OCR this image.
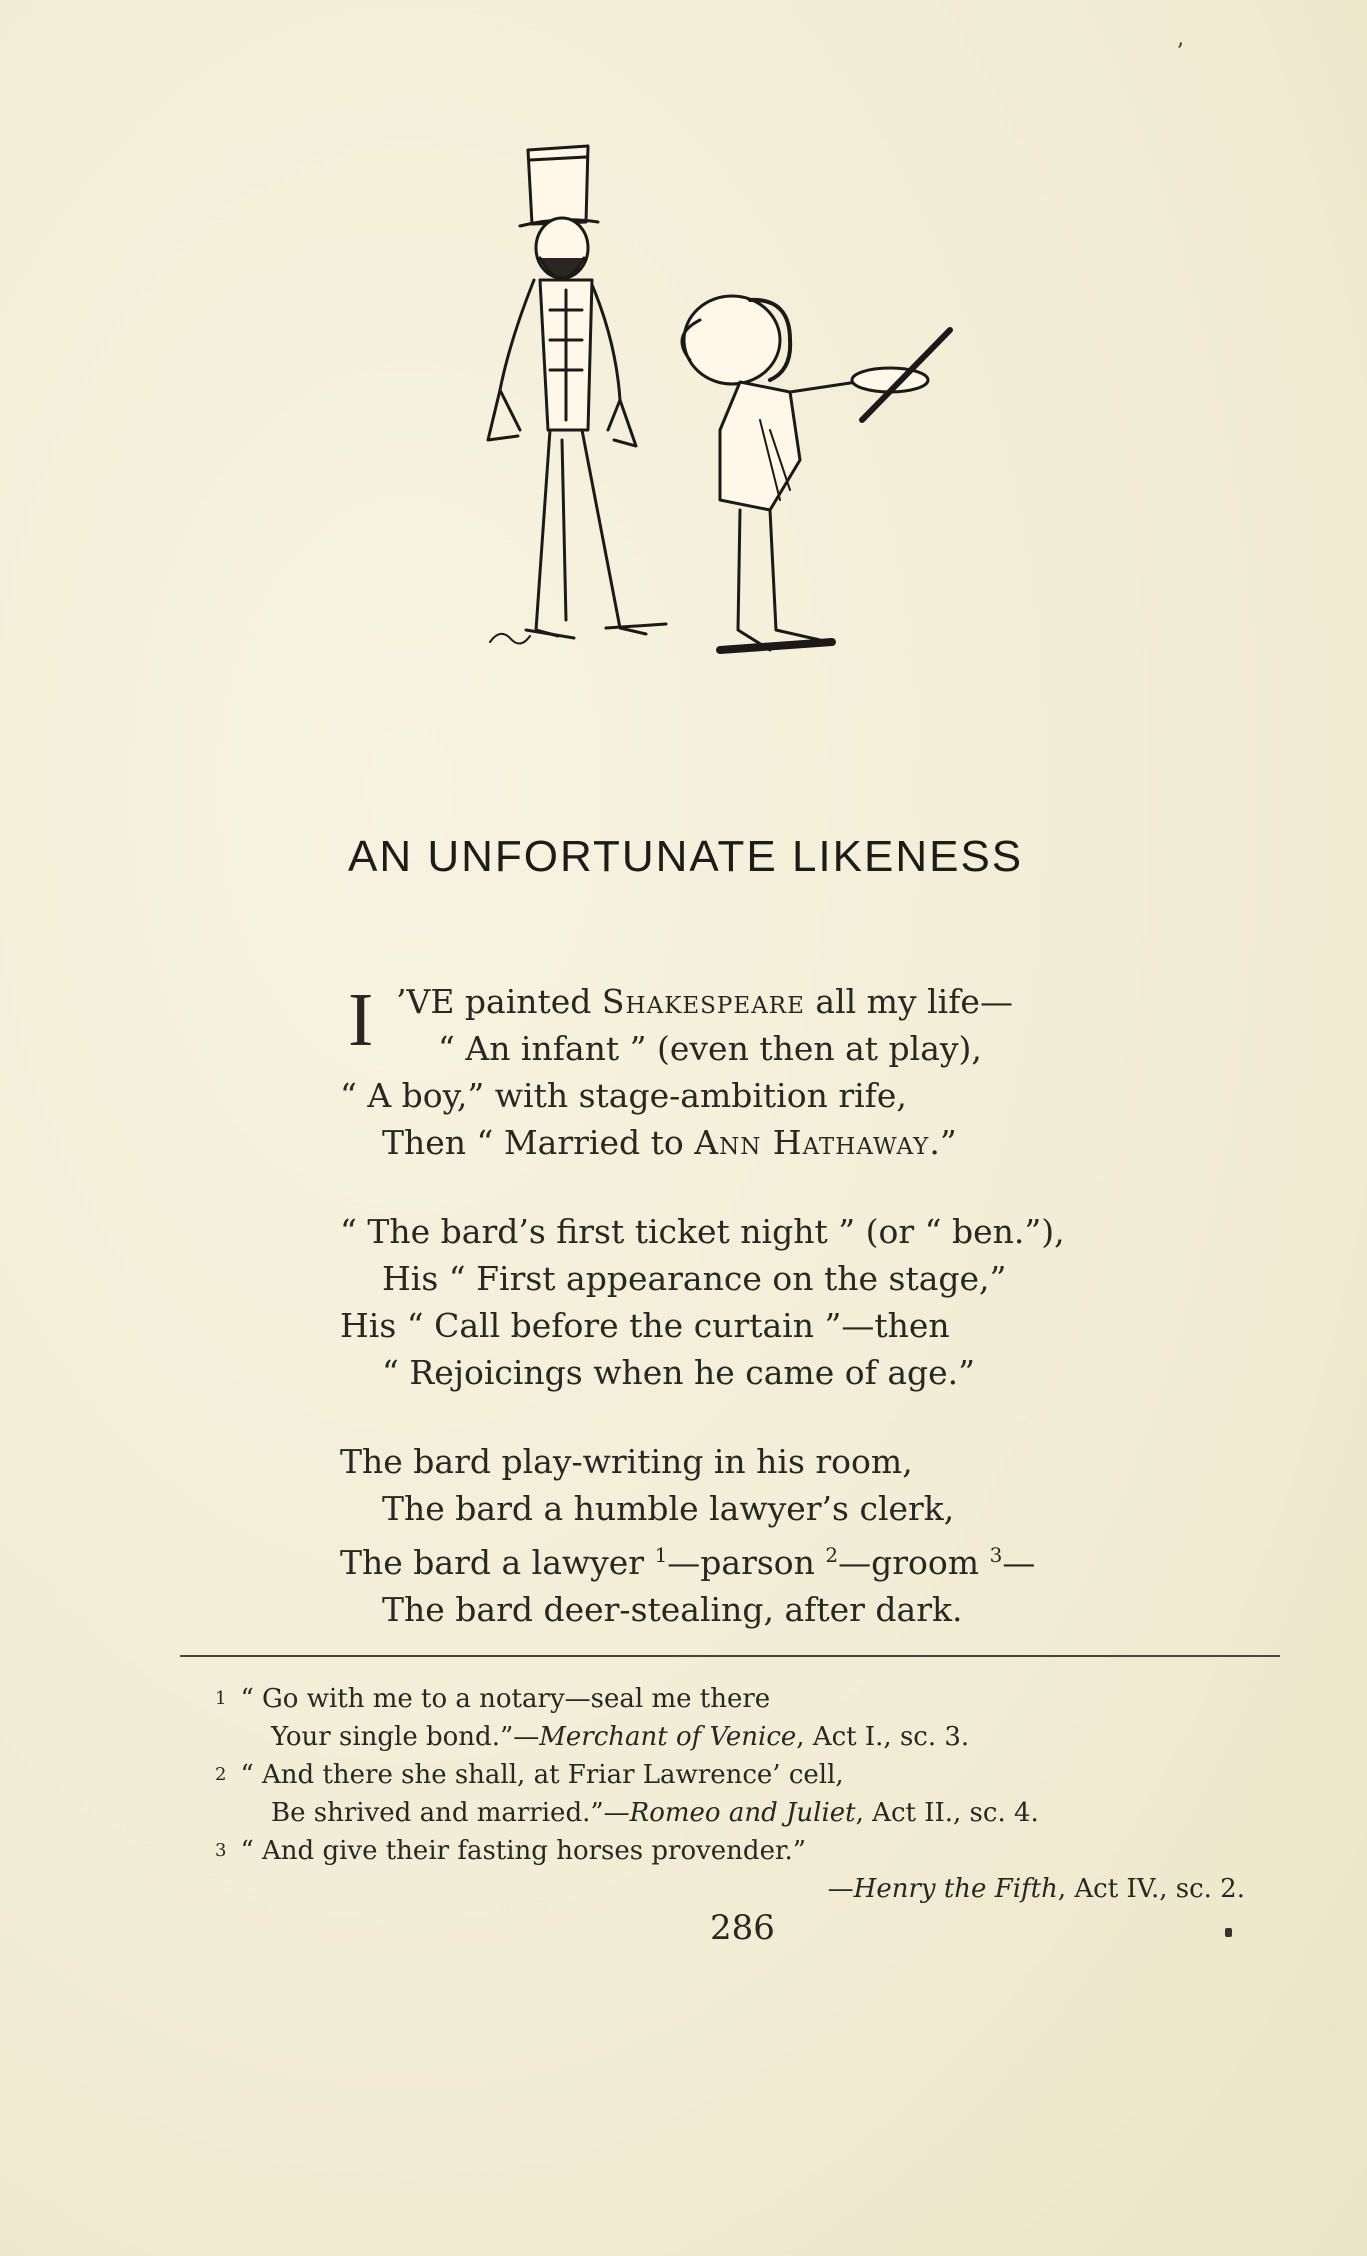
ʼ
AN UNFORTUNATE LIKENESS
I ’VE painted Shakespeare all my life—
“ An infant ” (even then at play),
“ A boy,” with stage-ambition rife,
Then “ Married to Ann Hathaway.”
“ The bard’s first ticket night ” (or “ ben.”),
His “ First appearance on the stage,”
His “ Call before the curtain ”—then
“ Rejoicings when he came of age.”
The bard play-writing in his room,
The bard a humble lawyer’s clerk,
The bard a lawyer $^1$—parson $^2$—groom $^3$—
The bard deer-stealing, after dark.
1 “ Go with me to a notary—seal me there
Your single bond.”—Merchant of Venice, Act I., sc. 3.
2 “ And there she shall, at Friar Lawrence’ cell,
Be shrived and married.”—Romeo and Juliet, Act II., sc. 4.
3 “ And give their fasting horses provender.”
—Henry the Fifth, Act IV., sc. 2.
286
